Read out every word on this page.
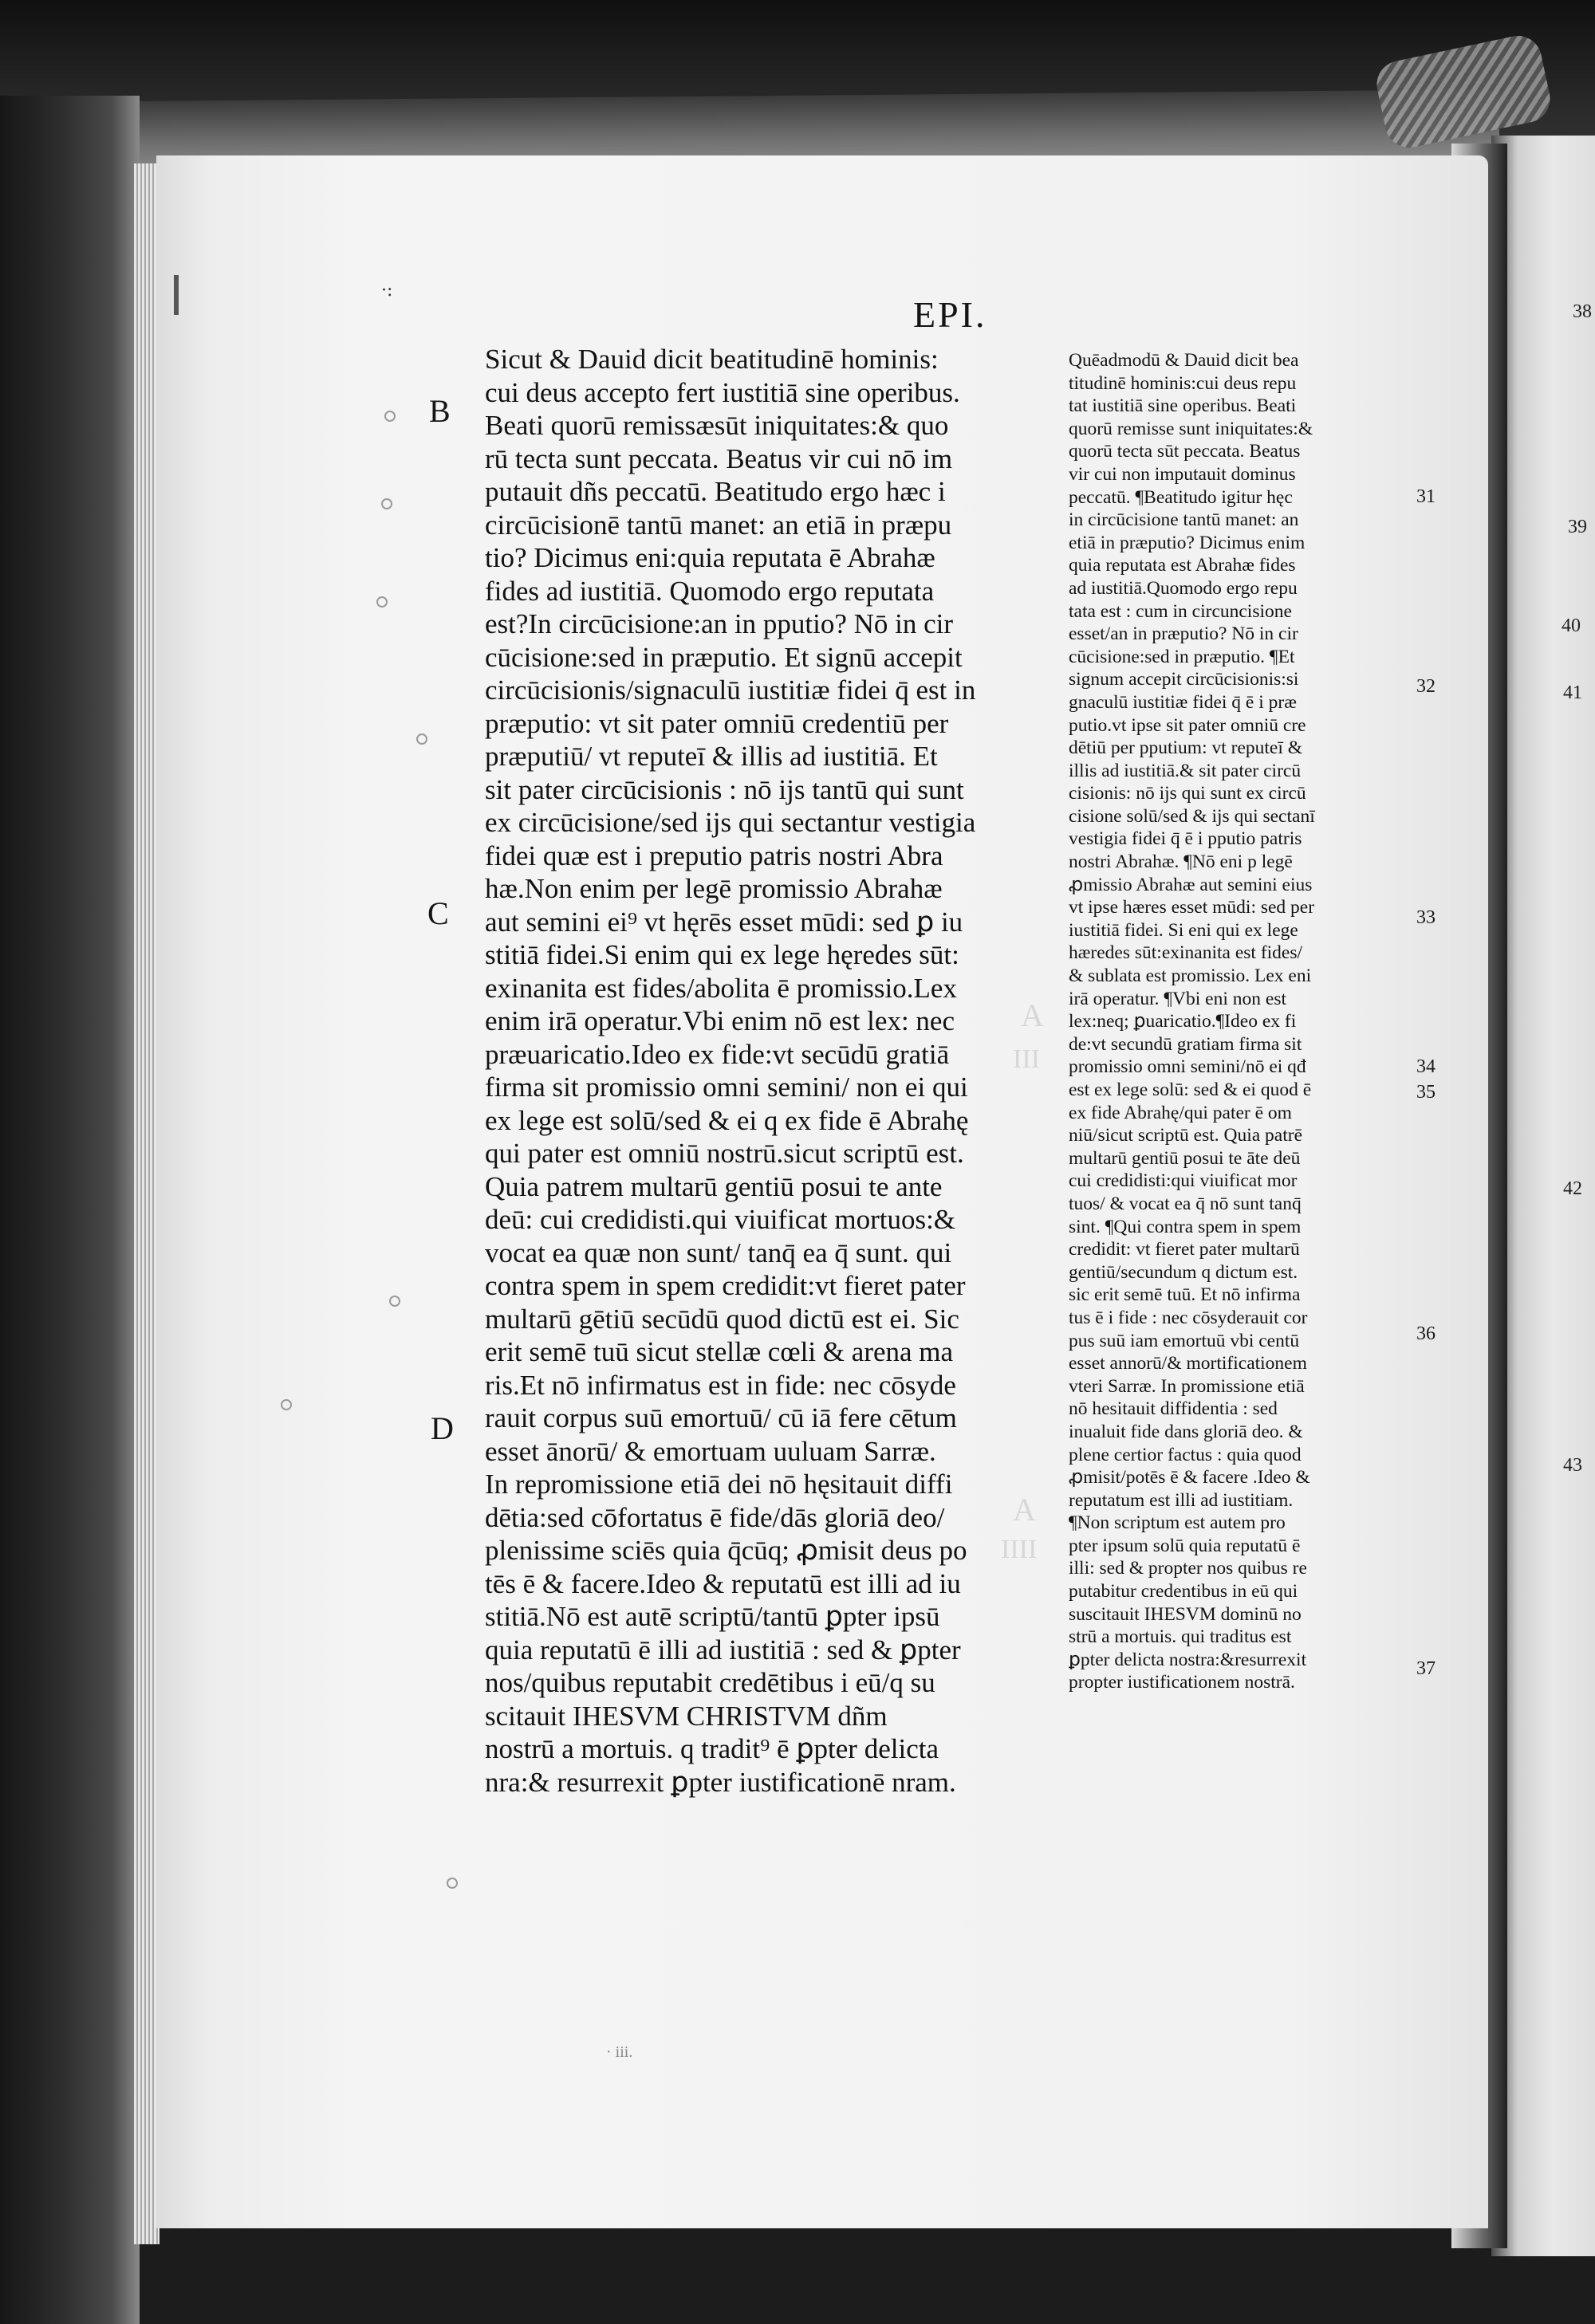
·:
EPI.
A
III
A
IIII
B
C
D
Sicut & Dauid dicit beatitudinē hominis:
cui deus accepto fert iustitiā sine operibus.
Beati quorū remissæsūt iniquitates:& quo
rū tecta sunt peccata. Beatus vir cui nō im
putauit dñs peccatū. Beatitudo ergo hæc i
circūcisionē tantū manet: an etiā in præpu
tio? Dicimus eni:quia reputata ē Abrahæ
fides ad iustitiā. Quomodo ergo reputata
est?In circūcisione:an in pputio? Nō in cir
cūcisione:sed in præputio. Et signū accepit
circūcisionis/signaculū iustitiæ fidei q̄ est in
præputio: vt sit pater omniū credentiū per
præputiū/ vt reputeī & illis ad iustitiā. Et
sit pater circūcisionis : nō ijs tantū qui sunt
ex circūcisione/sed ijs qui sectantur vestigia
fidei quæ est i preputio patris nostri Abra
hæ.Non enim per legē promissio Abrahæ
aut semini ei⁹ vt hęrēs esset mūdi: sed ꝑ iu
stitiā fidei.Si enim qui ex lege hęredes sūt:
exinanita est fides/abolita ē promissio.Lex
enim irā operatur.Vbi enim nō est lex: nec
præuaricatio.Ideo ex fide:vt secūdū gratiā
firma sit promissio omni semini/ non ei qui
ex lege est solū/sed & ei q ex fide ē Abrahę
qui pater est omniū nostrū.sicut scriptū est.
Quia patrem multarū gentiū posui te ante
deū: cui credidisti.qui viuificat mortuos:&
vocat ea quæ non sunt/ tanq̄ ea q̄ sunt. qui
contra spem in spem credidit:vt fieret pater
multarū gētiū secūdū quod dictū est ei. Sic
erit semē tuū sicut stellæ cœli & arena ma
ris.Et nō infirmatus est in fide: nec cōsyde
rauit corpus suū emortuū/ cū iā fere cētum
esset ānorū/ & emortuam uuluam Sarræ.
In repromissione etiā dei nō hęsitauit diffi
dētia:sed cōfortatus ē fide/dās gloriā deo/
plenissime sciēs quia q̄cūq; ꝓmisit deus po
tēs ē & facere.Ideo & reputatū est illi ad iu
stitiā.Nō est autē scriptū/tantū ꝑpter ipsū
quia reputatū ē illi ad iustitiā : sed & ꝑpter
nos/quibus reputabit credētibus i eū/q su
scitauit IHESVM CHRISTVM dñm
nostrū a mortuis. q tradit⁹ ē ꝑpter delicta
nra:& resurrexit ꝑpter iustificationē nram.
Quēadmodū & Dauid dicit bea
titudinē hominis:cui deus repu
tat iustitiā sine operibus. Beati
quorū remisse sunt iniquitates:&
quorū tecta sūt peccata. Beatus
vir cui non imputauit dominus
peccatū. ¶Beatitudo igitur hęc
in circūcisione tantū manet: an
etiā in præputio? Dicimus enim
quia reputata est Abrahæ fides
ad iustitiā.Quomodo ergo repu
tata est : cum in circuncisione
esset/an in præputio? Nō in cir
cūcisione:sed in præputio. ¶Et
signum accepit circūcisionis:si
gnaculū iustitiæ fidei q̄ ē i præ
putio.vt ipse sit pater omniū cre
dētiū per pputium: vt reputeī &
illis ad iustitiā.& sit pater circū
cisionis: nō ijs qui sunt ex circū
cisione solū/sed & ijs qui sectanī
vestigia fidei q̄ ē i pputio patris
nostri Abrahæ. ¶Nō eni p legē
ꝓmissio Abrahæ aut semini eius
vt ipse hæres esset mūdi: sed per
iustitiā fidei. Si eni qui ex lege
hæredes sūt:exinanita est fides/
& sublata est promissio. Lex eni
irā operatur. ¶Vbi eni non est
lex:neq; ꝑuaricatio.¶Ideo ex fi
de:vt secundū gratiam firma sit
promissio omni semini/nō ei qđ
est ex lege solū: sed & ei quod ē
ex fide Abrahę/qui pater ē om
niū/sicut scriptū est. Quia patrē
multarū gentiū posui te āte deū
cui credidisti:qui viuificat mor
tuos/ & vocat ea q̄ nō sunt tanq̄
sint. ¶Qui contra spem in spem
credidit: vt fieret pater multarū
gentiū/secundum q dictum est.
sic erit semē tuū. Et nō infirma
tus ē i fide : nec cōsyderauit cor
pus suū iam emortuū vbi centū
esset annorū/& mortificationem
vteri Sarræ. In promissione etiā
nō hesitauit diffidentia : sed
inualuit fide dans gloriā deo. &
plene certior factus : quia quod
ꝓmisit/potēs ē & facere .Ideo &
reputatum est illi ad iustitiam.
¶Non scriptum est autem pro
pter ipsum solū quia reputatū ē
illi: sed & propter nos quibus re
putabitur credentibus in eū qui
suscitauit IHESVM dominū no
strū a mortuis. qui traditus est
ꝑpter delicta nostra:&resurrexit
propter iustificationem nostrā.
31
32
33
34
35
36
37
38
39
40
41
42
43
· iii.
